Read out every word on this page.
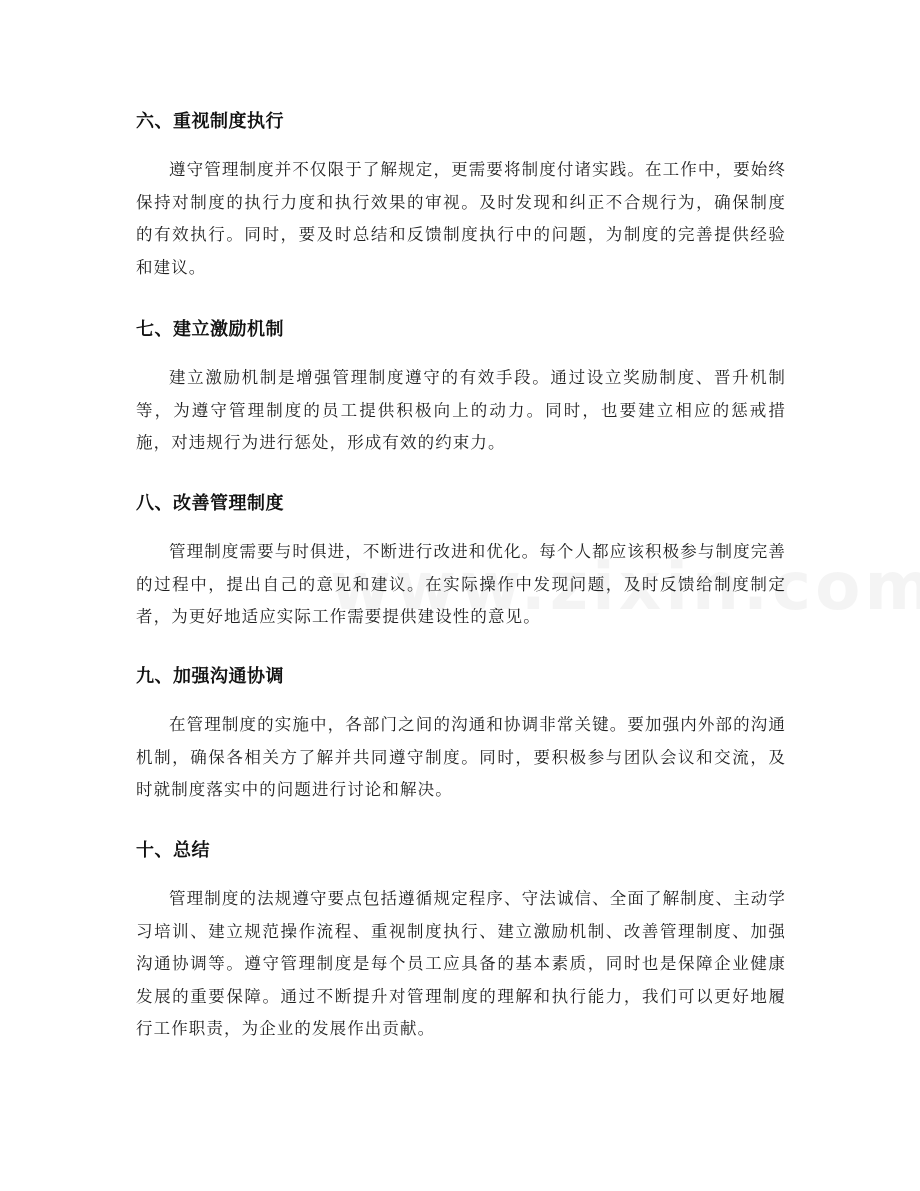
六、重视制度执行

遵守管理制度并不仅限于了解规定，更需要将制度付诸实践。在工作中，要始终保持对制度的执行力度和执行效果的审视。及时发现和纠正不合规行为，确保制度的有效执行。同时，要及时总结和反馈制度执行中的问题，为制度的完善提供经验和建议。

七、建立激励机制

建立激励机制是增强管理制度遵守的有效手段。通过设立奖励制度、晋升机制等，为遵守管理制度的员工提供积极向上的动力。同时，也要建立相应的惩戒措施，对违规行为进行惩处，形成有效的约束力。

八、改善管理制度

管理制度需要与时俱进，不断进行改进和优化。每个人都应该积极参与制度完善的过程中，提出自己的意见和建议。在实际操作中发现问题，及时反馈给制度制定者，为更好地适应实际工作需要提供建设性的意见。

九、加强沟通协调

在管理制度的实施中，各部门之间的沟通和协调非常关键。要加强内外部的沟通机制，确保各相关方了解并共同遵守制度。同时，要积极参与团队会议和交流，及时就制度落实中的问题进行讨论和解决。

十、总结

管理制度的法规遵守要点包括遵循规定程序、守法诚信、全面了解制度、主动学习培训、建立规范操作流程、重视制度执行、建立激励机制、改善管理制度、加强沟通协调等。遵守管理制度是每个员工应具备的基本素质，同时也是保障企业健康发展的重要保障。通过不断提升对管理制度的理解和执行能力，我们可以更好地履行工作职责，为企业的发展作出贡献。
